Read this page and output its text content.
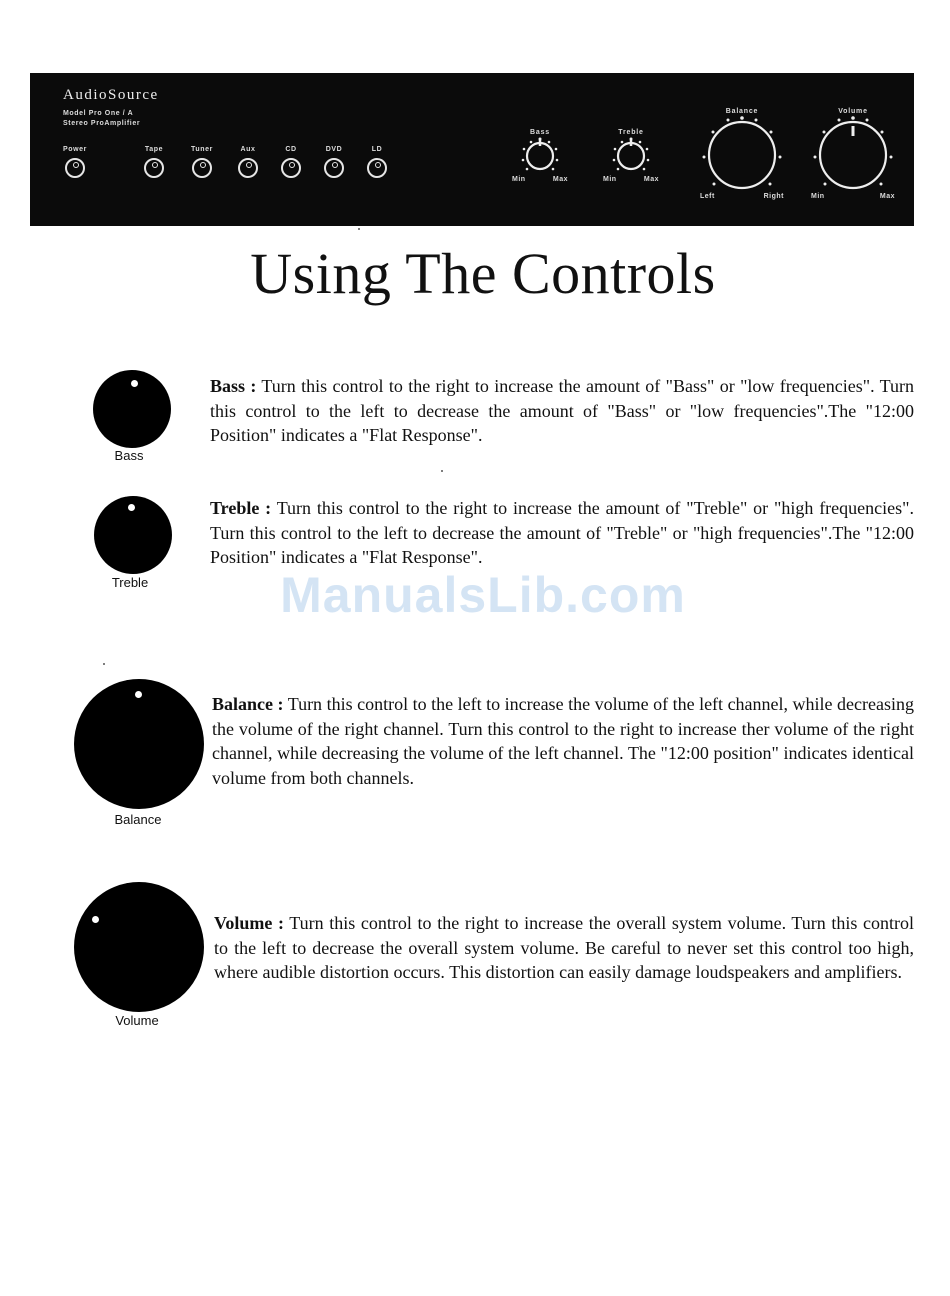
AudioSource
Model Pro One / A
Stereo ProAmplifier
Power	Tape	Tuner	Aux	CD	DVD	LD
Bass
Min	Max
Treble
Min	Max
Balance
Left	Right
Volume
Min	Max
Using The Controls
Bass

Bass : Turn this control to the right to increase the amount of "Bass" or "low frequencies". Turn this control to the left to decrease the amount of "Bass" or "low frequencies".The "12:00 Position" indicates a "Flat Response".

Treble

Treble : Turn this control to the right to increase the amount of "Treble" or "high frequencies". Turn this control to the left to decrease the amount of "Treble" or "high frequencies".The "12:00 Position" indicates a "Flat Response".

Balance

Balance : Turn this control to the left to increase the volume of the left channel, while decreasing the volume of the right channel. Turn this control to the right to increase ther volume of the right channel, while decreasing the volume of the left channel. The "12:00 position" indicates identical volume from both channels.

Volume

Volume : Turn this control to the right to increase the overall system volume. Turn this control to the left to decrease the overall system volume. Be careful to never set this control too high, where audible distortion occurs. This distortion can easily damage loudspeakers and amplifiers.

ManualsLib.com
